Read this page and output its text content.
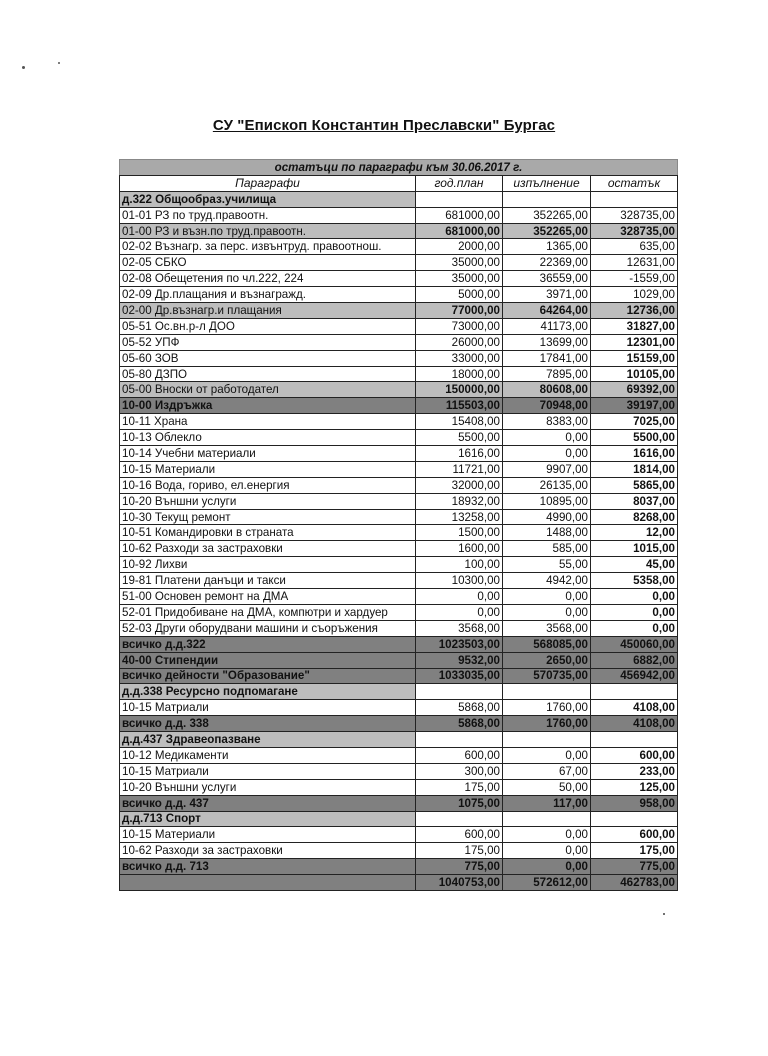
СУ "Епископ Константин Преславски" Бургас
остатъци по параграфи към 30.06.2017 г.			
Параграфи	год.план	изпълнение	остатък
д.322 Общообраз.училища			
01-01 РЗ по труд.правоотн.	681000,00	352265,00	328735,00
01-00 РЗ и възн.по труд.правоотн.	681000,00	352265,00	328735,00
02-02 Възнагр. за перс. извънтруд. правоотнош.	2000,00	1365,00	635,00
02-05 СБКО	35000,00	22369,00	12631,00
02-08 Обещетения по чл.222, 224	35000,00	36559,00	-1559,00
02-09 Др.плащания и възнагражд.	5000,00	3971,00	1029,00
02-00 Др.възнагр.и плащания	77000,00	64264,00	12736,00
05-51 Ос.вн.р-л ДОО	73000,00	41173,00	31827,00
05-52 УПФ	26000,00	13699,00	12301,00
05-60 ЗОВ	33000,00	17841,00	15159,00
05-80 ДЗПО	18000,00	7895,00	10105,00
05-00 Вноски от работодател	150000,00	80608,00	69392,00
10-00 Издръжка	115503,00	70948,00	39197,00
10-11 Храна	15408,00	8383,00	7025,00
10-13 Облекло	5500,00	0,00	5500,00
10-14 Учебни материали	1616,00	0,00	1616,00
10-15 Материали	11721,00	9907,00	1814,00
10-16 Вода, гориво, ел.енергия	32000,00	26135,00	5865,00
10-20 Външни услуги	18932,00	10895,00	8037,00
10-30 Текущ ремонт	13258,00	4990,00	8268,00
10-51 Командировки в страната	1500,00	1488,00	12,00
10-62 Разходи за застраховки	1600,00	585,00	1015,00
10-92 Лихви	100,00	55,00	45,00
19-81 Платени данъци и такси	10300,00	4942,00	5358,00
51-00 Основен ремонт на ДМА	0,00	0,00	0,00
52-01 Придобиване на ДМА, компютри и хардуер	0,00	0,00	0,00
52-03 Други оборудвани машини и съоръжения	3568,00	3568,00	0,00
всичко д.д.322	1023503,00	568085,00	450060,00
40-00 Стипендии	9532,00	2650,00	6882,00
всичко дейности "Образование"	1033035,00	570735,00	456942,00
д.д.338 Ресурсно подпомагане			
10-15 Матриали	5868,00	1760,00	4108,00
всичко д.д. 338	5868,00	1760,00	4108,00
д.д.437 Здравеопазване			
10-12 Медикаменти	600,00	0,00	600,00
10-15 Матриали	300,00	67,00	233,00
10-20 Външни услуги	175,00	50,00	125,00
всичко д.д. 437	1075,00	117,00	958,00
д.д.713 Спорт			
10-15 Материали	600,00	0,00	600,00
10-62 Разходи за застраховки	175,00	0,00	175,00
всичко д.д. 713	775,00	0,00	775,00
	1040753,00	572612,00	462783,00
